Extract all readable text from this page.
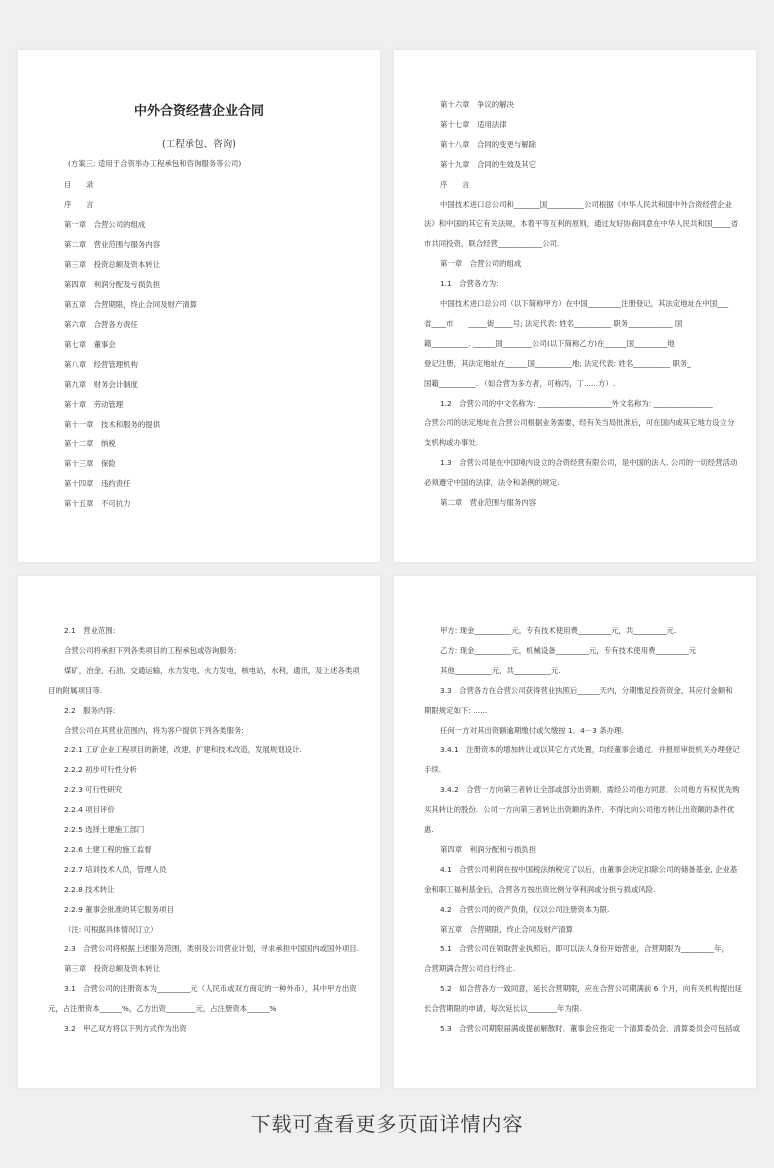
中外合资经营企业合同
(工程承包、咨询)
(方案三: 适用于合资举办工程承包和咨询服务等公司)
目　　录
序　　言
第一章　合营公司的组成
第二章　营业范围与服务内容
第三章　投资总额及资本转让
第四章　利润分配及亏损负担
第五章　合营期限，终止合同及财产清算
第六章　合营各方责任
第七章　董事会
第八章　经营管理机构
第九章　财务会计制度
第十章　劳动管理
第十一章　技术和服务的提供
第十二章　纳税
第十三章　保险
第十四章　违约责任
第十五章　不可抗力
第十六章　争议的解决
第十七章　适用法律
第十八章　合同的变更与解除
第十九章　合同的生效及其它
序　　言
中国技术进口总公司和_______国__________公司根据《中华人民共和国中外合资经营企业
法》和中国的其它有关法规，本着平等互利的原则，通过友好协商同意在中华人民共和国_____省
市共同投资，联合经营____________公司.
第一章　合营公司的组成
1.1　合营各方为:
中国技术进口总公司（以下简称甲方）在中国_________注册登记，其法定地址在中国___
省____市　　_____街_____号; 法定代表: 姓名__________ 职务____________ 国
籍__________. ______国________公司(以下简称乙方)在______国_________地
登记注册，其法定地址在______国__________地; 法定代表: 姓名__________ 职务_
国籍__________. （如合营为多方者，可称丙，丁......方）.
1.2　合营公司的中文名称为: ____________________外文名称为: ________________
合营公司的法定地址在合营公司根据业务需要，经有关当局批准后，可在国内或其它地方设立分
支机构或办事处.
1.3　合营公司是在中国境内设立的合资经营有限公司，是中国的法人. 公司的一切经营活动
必须遵守中国的法律，法令和条例的规定.
第二章　营业范围与服务内容
2.1　营业范围:
合营公司将承担下列各类项目的工程承包或咨询服务:
煤矿，冶金，石油，交通运输，水力发电，火力发电，核电站，水利，通讯，及上述各类项
目的附属项目等.
2.2　服务内容:
合营公司在其营业范围内，将为客户提供下列各类服务:
2.2.1 工矿企业工程项目的新建，改建，扩建和技术改造，发展规划设计.
2.2.2 初步可行性分析
2.2.3 可行性研究
2.2.4 项目评价
2.2.5 选择土建施工部门
2.2.6 土建工程的施工监督
2.2.7 培训技术人员，管理人员
2.2.8 技术转让
2.2.9 董事会批准的其它服务项目
（注: 可根据具体情况订立）
2.3　合营公司将根据上述服务范围，类别及公司营业计划，寻求承担中国国内或国外项目.
第三章　投资总额及资本转让
3.1　合营公司的注册资本为_________元（人民币或双方商定的一种外币），其中甲方出资
元，占注册资本______%，乙方出资________元，占注册资本______%
3.2　甲乙双方将以下列方式作为出资
甲方: 现金__________元，专有技术使用费_________元，共_________元.
乙方: 现金__________元，机械设备_________元，专有技术使用费_________元
其他__________元，共__________元.
3.3　合营各方在合营公司获得营业执照后______天内，分期缴足投资资金，其应付金额和
期限规定如下: ......
任何一方对其出资额逾期缴付或欠缴按 1．4－3 条办理.
3.4.1　注册资本的增加转让或以其它方式处置，均经董事会通过．并报原审批机关办理登记
手续.
3.4.2　合营一方向第三者转让全部或部分出资额．需经公司他方同意．公司他方有权优先购
买其转让的股份．公司一方向第三者转让出资额的条件．不得比向公司他方转让出资额的条件优
惠.
第四章　利润分配和亏损负担
4.1　合营公司利润在按中国税法纳税完了以后，由董事会决定扣除公司的储备基金, 企业基
金和职工福利基金后，合营各方按出资比例分享利润或分担亏损或风险.
4.2　合营公司的资产负债，仅以公司注册资本为限.
第五章　合营期限，终止合同及财产清算
5.1　合营公司在领取营业执照后，即可以法人身份开始营业，合营期限为_________年，
合营期满合营公司自行终止.
5.2　如合营各方一致同意，延长合营期限，应在合营公司期满前 6 个月，向有关机构提出延
长合营期限的申请，每次延长以________年为限.
5.3　合营公司期限届满或提前解散时．董事会应指定一个清算委员会．清算委员会可包括或
下载可查看更多页面详情内容
